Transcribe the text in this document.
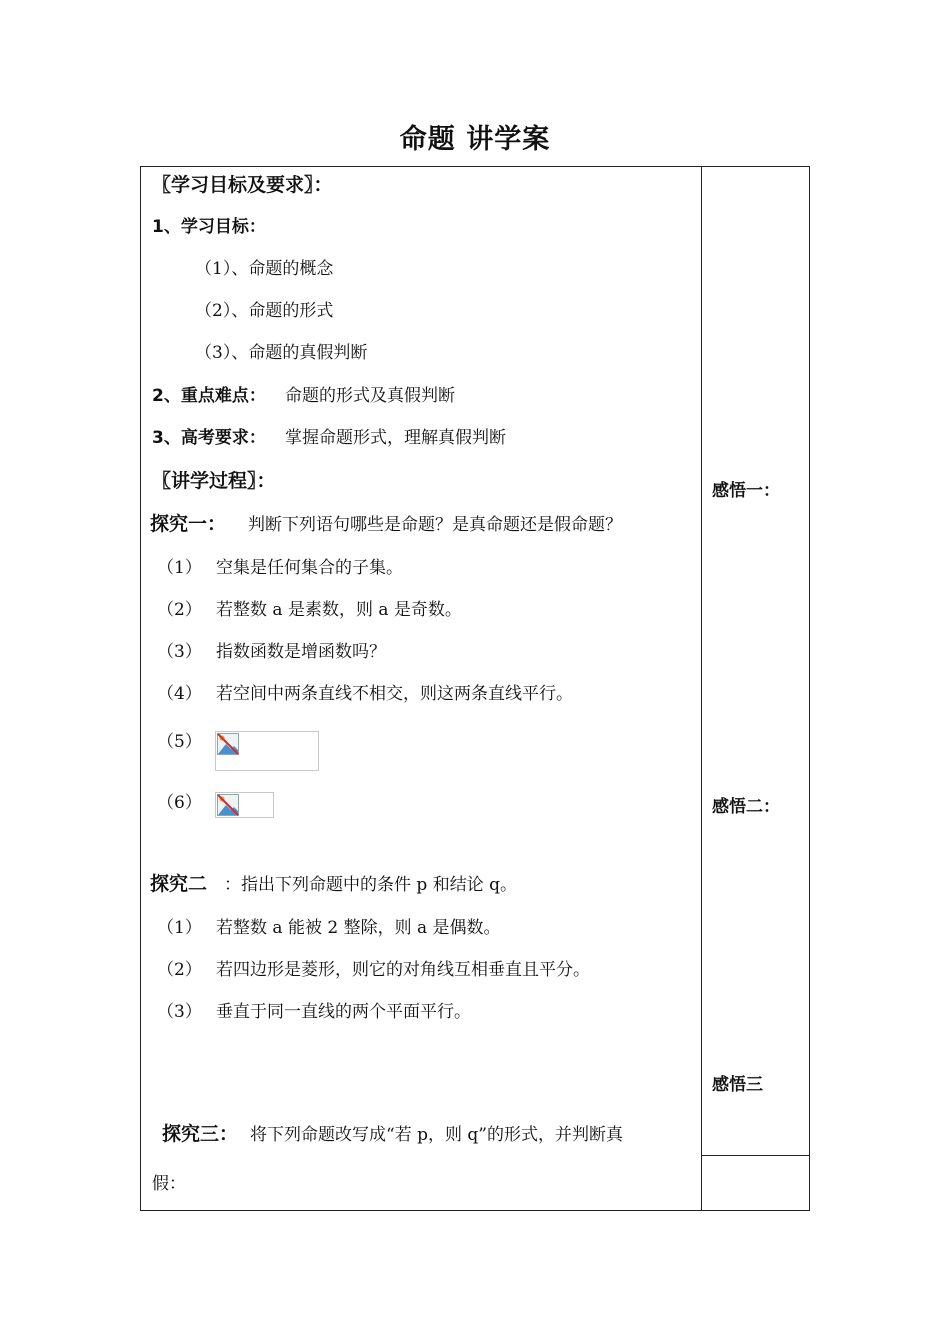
命题 讲学案
〖学习目标及要求〗：
1、学习目标：
（1）、命题的概念
（2）、命题的形式
（3）、命题的真假判断
2、重点难点： 命题的形式及真假判断
3、高考要求： 掌握命题形式，理解真假判断
〖讲学过程〗：
探究一： 判断下列语句哪些是命题？是真命题还是假命题？
（1） 空集是任何集合的子集。
（2） 若整数 a 是素数，则 a 是奇数。
（3） 指数函数是增函数吗？
（4） 若空间中两条直线不相交，则这两条直线平行。
（5）
（6）
探究二 ：指出下列命题中的条件 p 和结论 q。
（1） 若整数 a 能被 2 整除，则 a 是偶数。
（2） 若四边形是菱形，则它的对角线互相垂直且平分。
（3） 垂直于同一直线的两个平面平行。
探究三： 将下列命题改写成“若 p，则 q”的形式，并判断真
假：
感悟一：
感悟二：
感悟三
